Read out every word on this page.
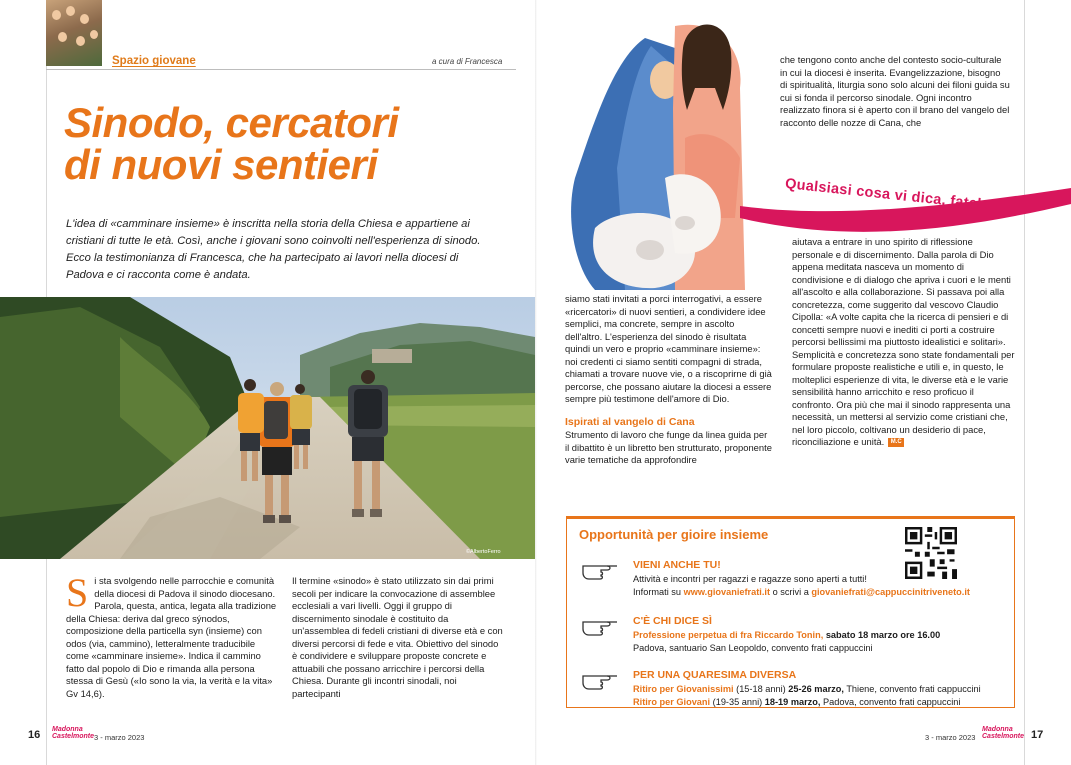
Spazio giovane	a cura di Francesca
Sinodo, cercatori
di nuovi sentieri

L'idea di «camminare insieme» è inscritta nella storia della Chiesa e appartiene ai cristiani di tutte le età. Così, anche i giovani sono coinvolti nell'esperienza di sinodo. Ecco la testimonianza di Francesca, che ha partecipato ai lavori nella diocesi di Padova e ci racconta come è andata.

©AlbertoFerro
S i sta svolgendo nelle parrocchie e comunità della diocesi di Padova il sinodo diocesano. Parola, questa, antica, legata alla tradizione della Chiesa: deriva dal greco sýnodos, composizione della particella syn (insieme) con odos (via, cammino), letteralmente traducibile come «camminare insieme». Indica il cammino fatto dal popolo di Dio e rimanda alla persona stessa di Gesù («Io sono la via, la verità e la vita» Gv 14,6).

Il termine «sinodo» è stato utilizzato sin dai primi secoli per indicare la convocazione di assemblee ecclesiali a vari livelli. Oggi il gruppo di discernimento sinodale è costituito da un'assemblea di fedeli cristiani di diverse età e con diversi percorsi di fede e vita. Obiettivo del sinodo è condividere e sviluppare proposte concrete e attuabili che possano arricchire i percorsi della Chiesa. Durante gli incontri sinodali, noi partecipanti

Qualsiasi cosa vi dica, fatela

che tengono conto anche del contesto socio-culturale in cui la diocesi è inserita. Evangelizzazione, bisogno di spiritualità, liturgia sono solo alcuni dei filoni guida su cui si fonda il percorso sinodale. Ogni incontro realizzato finora si è aperto con il brano del vangelo del racconto delle nozze di Cana, che

siamo stati invitati a porci interrogativi, a essere «ricercatori» di nuovi sentieri, a condividere idee semplici, ma concrete, sempre in ascolto dell'altro. L'esperienza del sinodo è risultata quindi un vero e proprio «camminare insieme»: noi credenti ci siamo sentiti compagni di strada, chiamati a trovare nuove vie, o a riscoprirne di già percorse, che possano aiutare la diocesi a essere sempre più testimone dell'amore di Dio.

Ispirati al vangelo di Cana

Strumento di lavoro che funge da linea guida per il dibattito è un libretto ben strutturato, proponente varie tematiche da approfondire

aiutava a entrare in uno spirito di riflessione personale e di discernimento. Dalla parola di Dio appena meditata nasceva un momento di condivisione e di dialogo che apriva i cuori e le menti all'ascolto e alla collaborazione. Si passava poi alla concretezza, come suggerito dal vescovo Claudio Cipolla: «A volte capita che la ricerca di pensieri e di concetti sempre nuovi e inediti ci porti a costruire percorsi bellissimi ma piuttosto idealistici e solitari». Semplicità e concretezza sono state fondamentali per formulare proposte realistiche e utili e, in questo, le molteplici esperienze di vita, le diverse età e le varie sensibilità hanno arricchito e reso proficuo il confronto. Ora più che mai il sinodo rappresenta una necessità, un mettersi al servizio come cristiani che, nel loro piccolo, coltivano un desiderio di pace, riconciliazione e unità. M.C

Opportunità per gioire insieme
VIENI ANCHE TU!
Attività e incontri per ragazzi e ragazze sono aperti a tutti!
Informati su www.giovaniefrati.it o scrivi a giovaniefrati@cappuccinitriveneto.it
C'È CHI DICE SÌ
Professione perpetua di fra Riccardo Tonin, sabato 18 marzo ore 16.00
Padova, santuario San Leopoldo, convento frati cappuccini
PER UNA QUARESIMA DIVERSA
Ritiro per Giovanissimi (15-18 anni) 25-26 marzo, Thiene, convento frati cappuccini
Ritiro per Giovani (19-35 anni) 18-19 marzo, Padova, convento frati cappuccini
16 Madonna
Castelmonte 3 - marzo 2023	3 - marzo 2023
Madonna
Castelmonte 17
